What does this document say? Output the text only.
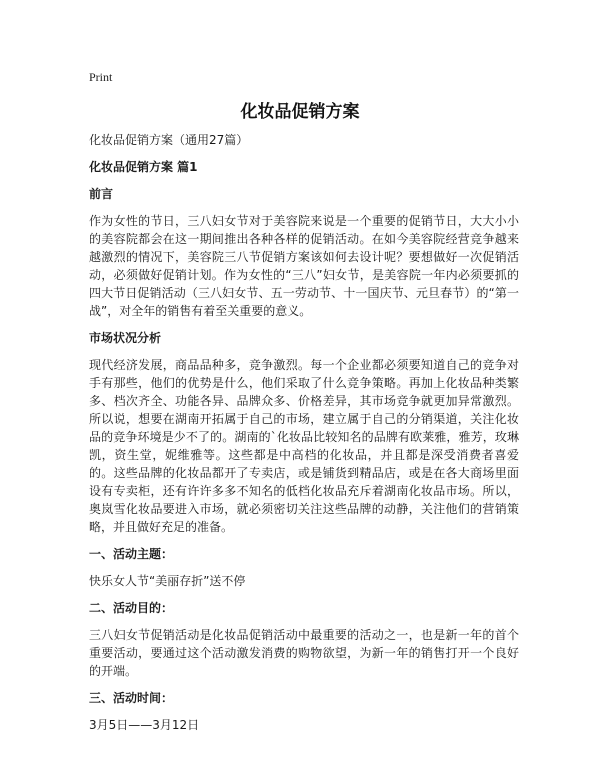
Print
化妆品促销方案
化妆品促销方案（通用27篇）
化妆品促销方案 篇1
前言
作为女性的节日，三八妇女节对于美容院来说是一个重要的促销节日，大大小小的美容院都会在这一期间推出各种各样的促销活动。在如今美容院经营竞争越来越激烈的情况下，美容院三八节促销方案该如何去设计呢？要想做好一次促销活动，必须做好促销计划。作为女性的“三八”妇女节，是美容院一年内必须要抓的四大节日促销活动（三八妇女节、五一劳动节、十一国庆节、元旦春节）的“第一战”，对全年的销售有着至关重要的意义。
市场状况分析
现代经济发展，商品品种多，竞争激烈。每一个企业都必须要知道自己的竞争对手有那些，他们的优势是什么，他们采取了什么竞争策略。再加上化妆品种类繁多、档次齐全、功能各异、品牌众多、价格差异，其市场竞争就更加异常激烈。所以说，想要在湖南开拓属于自己的市场，建立属于自己的分销渠道，关注化妆品的竞争环境是少不了的。湖南的`化妆品比较知名的品牌有欧莱雅，雅芳，玫琳凯，资生堂，妮维雅等。这些都是中高档的化妆品，并且都是深受消费者喜爱的。这些品牌的化妆品都开了专卖店，或是铺货到精品店，或是在各大商场里面设有专卖柜，还有许许多多不知名的低档化妆品充斥着湖南化妆品市场。所以，奥岚雪化妆品要进入市场，就必须密切关注这些品牌的动静，关注他们的营销策略，并且做好充足的准备。
一、活动主题：
快乐女人节“美丽存折”送不停
二、活动目的：
三八妇女节促销活动是化妆品促销活动中最重要的活动之一，也是新一年的首个重要活动，要通过这个活动激发消费的购物欲望，为新一年的销售打开一个良好的开端。
三、活动时间：
3月5日——3月12日
